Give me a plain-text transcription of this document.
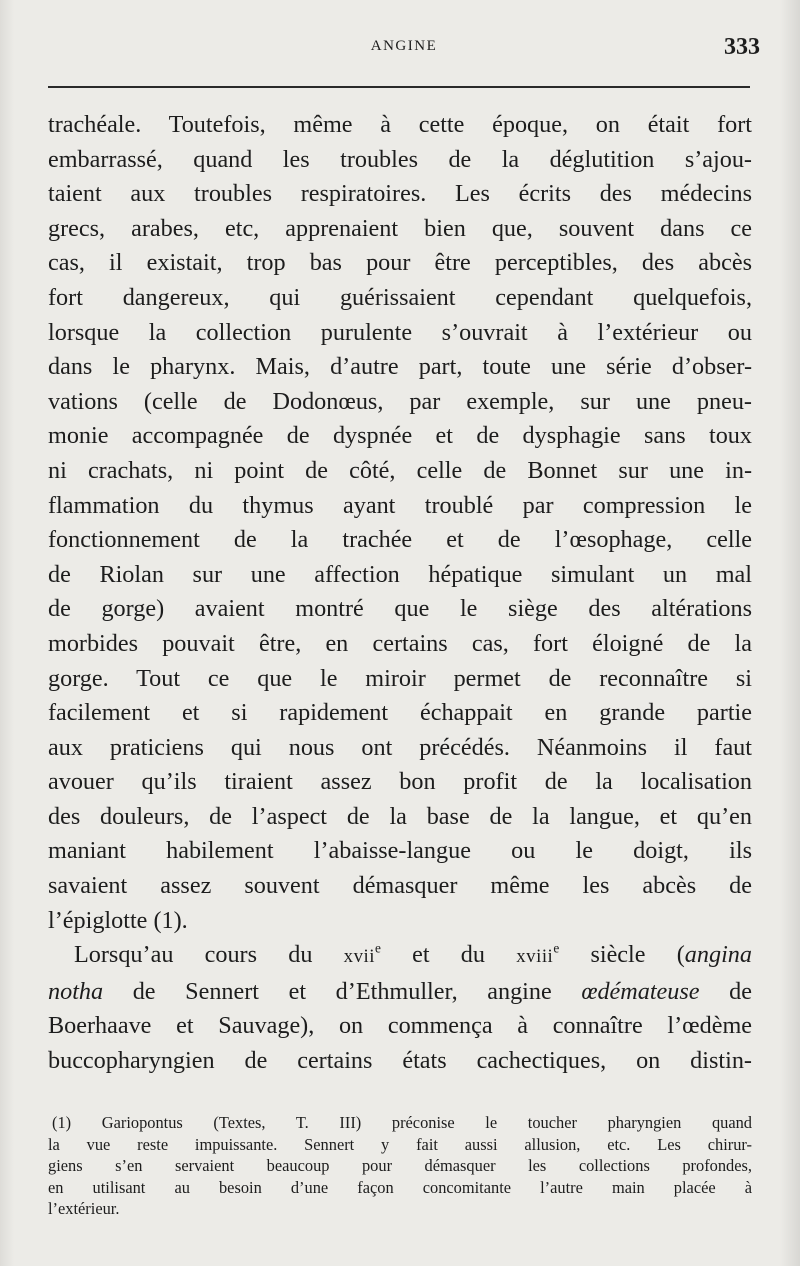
ANGINE	333
trachéale. Toutefois, même à cette époque, on était fort
embarrassé, quand les troubles de la déglutition s’ajou-
taient aux troubles respiratoires. Les écrits des médecins
grecs, arabes, etc, apprenaient bien que, souvent dans ce
cas, il existait, trop bas pour être perceptibles, des abcès
fort dangereux, qui guérissaient cependant quelquefois,
lorsque la collection purulente s’ouvrait à l’extérieur ou
dans le pharynx. Mais, d’autre part, toute une série d’obser-
vations (celle de Dodonœus, par exemple, sur une pneu-
monie accompagnée de dyspnée et de dysphagie sans toux
ni crachats, ni point de côté, celle de Bonnet sur une in-
flammation du thymus ayant troublé par compression le
fonctionnement de la trachée et de l’œsophage, celle
de Riolan sur une affection hépatique simulant un mal
de gorge) avaient montré que le siège des altérations
morbides pouvait être, en certains cas, fort éloigné de la
gorge. Tout ce que le miroir permet de reconnaître si
facilement et si rapidement échappait en grande partie
aux praticiens qui nous ont précédés. Néanmoins il faut
avouer qu’ils tiraient assez bon profit de la localisation
des douleurs, de l’aspect de la base de la langue, et qu’en
maniant habilement l’abaisse-langue ou le doigt, ils
savaient assez souvent démasquer même les abcès de
l’épiglotte (1).
Lorsqu’au cours du xvii$^e$ et du xviii$^e$ siècle (angina
notha de Sennert et d’Ethmuller, angine œdémateuse de
Boerhaave et Sauvage), on commença à connaître l’œdème
buccopharyngien de certains états cachectiques, on distin-
(1) Gariopontus (Textes, T. III) préconise le toucher pharyngien quand
la vue reste impuissante. Sennert y fait aussi allusion, etc. Les chirur-
giens s’en servaient beaucoup pour démasquer les collections profondes,
en utilisant au besoin d’une façon concomitante l’autre main placée à
l’extérieur.
